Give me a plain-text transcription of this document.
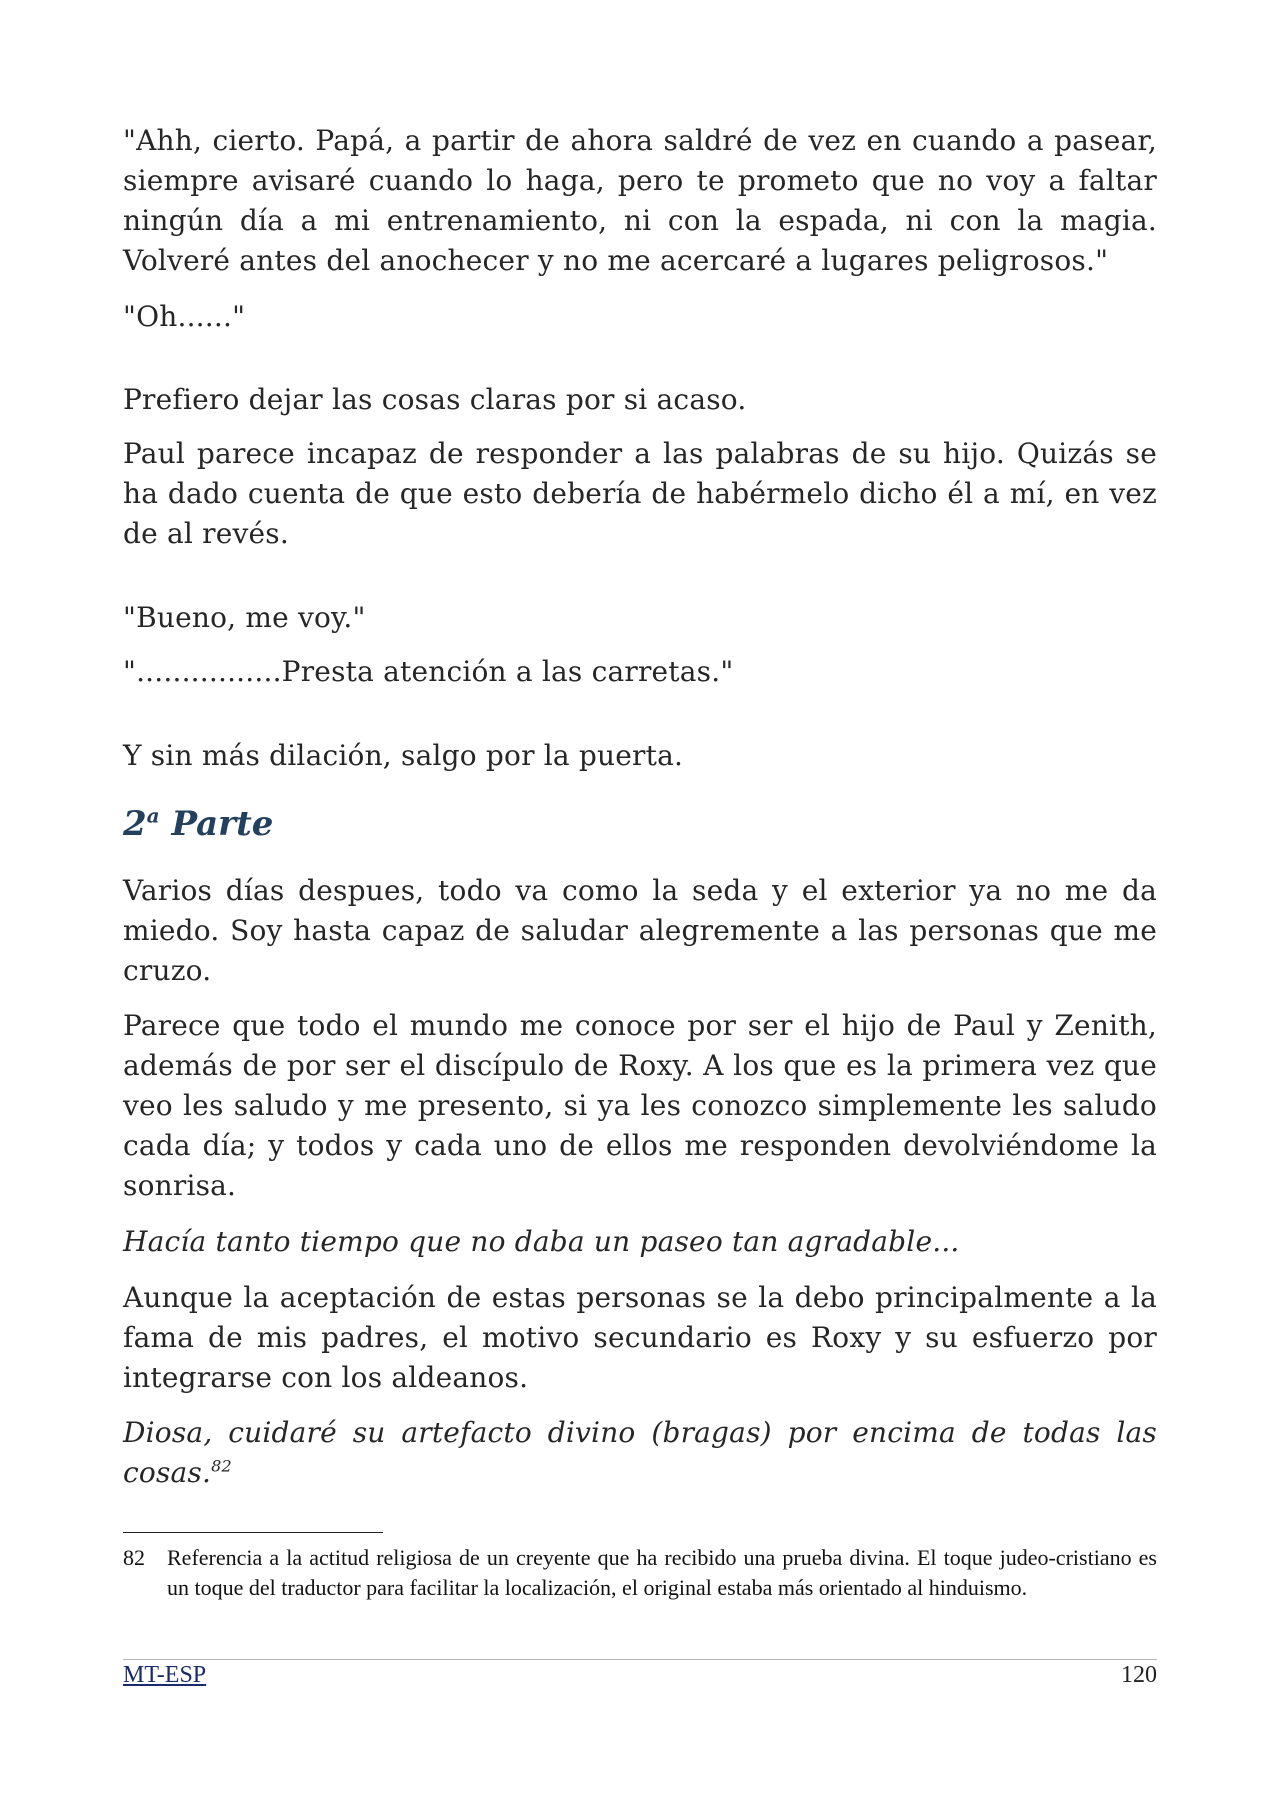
"Ahh, cierto. Papá, a partir de ahora saldré de vez en cuando a pasear, siempre avisaré cuando lo haga, pero te prometo que no voy a faltar ningún día a mi entrenamiento, ni con la espada, ni con la magia. Volveré antes del anochecer y no me acercaré a lugares peligrosos."

"Oh......"

Prefiero dejar las cosas claras por si acaso.

Paul parece incapaz de responder a las palabras de su hijo. Quizás se ha dado cuenta de que esto debería de habérmelo dicho él a mí, en vez de al revés.

"Bueno, me voy."

"................Presta atención a las carretas."

Y sin más dilación, salgo por la puerta.

2$^a$ Parte

Varios días despues, todo va como la seda y el exterior ya no me da miedo. Soy hasta capaz de saludar alegremente a las personas que me cruzo.

Parece que todo el mundo me conoce por ser el hijo de Paul y Zenith, además de por ser el discípulo de Roxy. A los que es la primera vez que veo les saludo y me presento, si ya les conozco simplemente les saludo cada día; y todos y cada uno de ellos me responden devolviéndome la sonrisa.

Hacía tanto tiempo que no daba un paseo tan agradable...

Aunque la aceptación de estas personas se la debo principalmente a la fama de mis padres, el motivo secundario es Roxy y su esfuerzo por integrarse con los aldeanos.

Diosa, cuidaré su artefacto divino (bragas) por encima de todas las cosas.$^{82}$

82 Referencia a la actitud religiosa de un creyente que ha recibido una prueba divina. El toque judeo-cristiano es un toque del traductor para facilitar la localización, el original estaba más orientado al hinduismo.
MT-ESP	120
